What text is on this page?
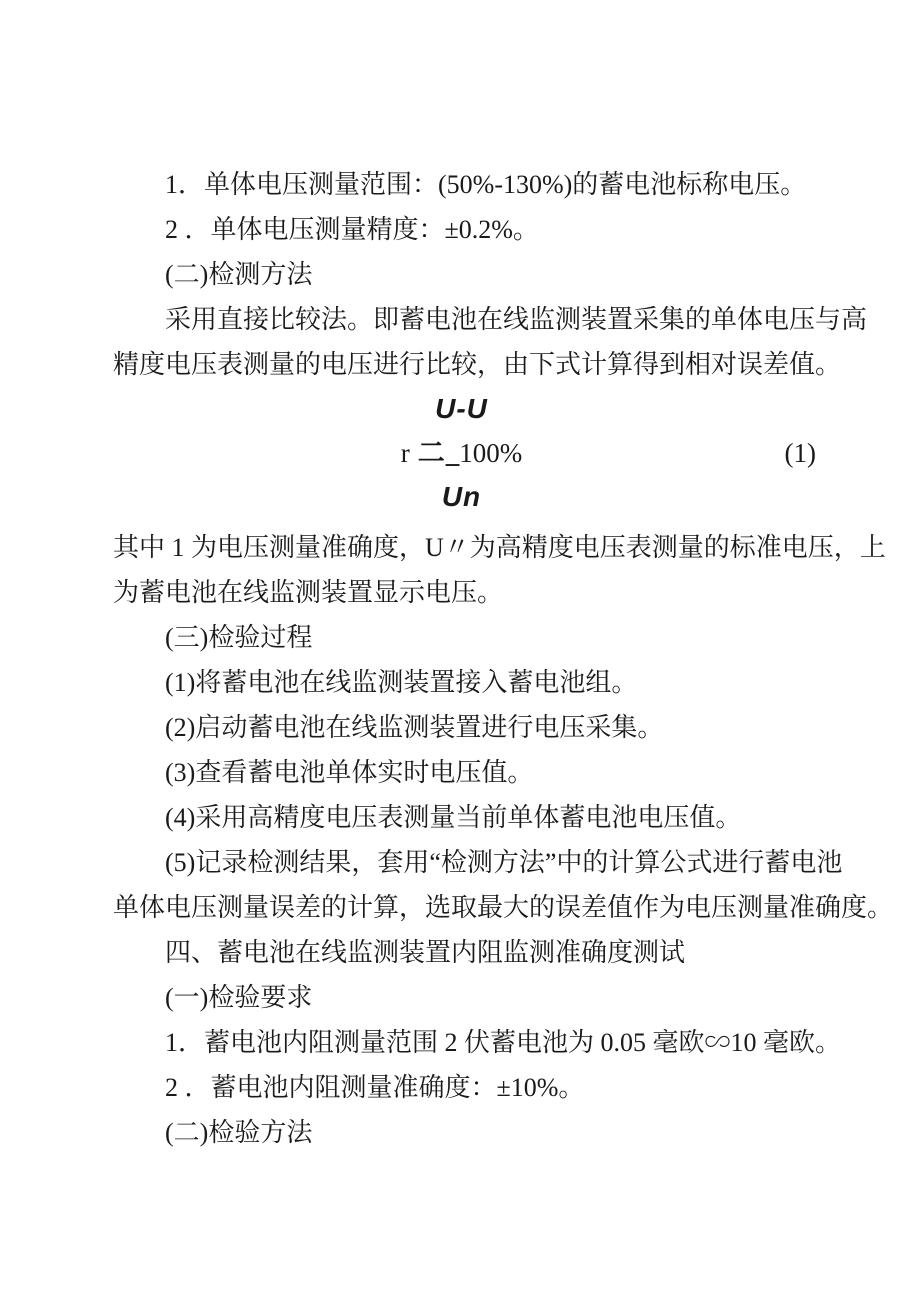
1．单体电压测量范围：(50%-130%)的蓄电池标称电压。
2 ．单体电压测量精度：±0.2%。
(二)检测方法
采用直接比较法。即蓄电池在线监测装置采集的单体电压与高
精度电压表测量的电压进行比较，由下式计算得到相对误差值。
U-U
r 二_100%	(1)
Un
其中 1 为电压测量准确度，U〃为高精度电压表测量的标准电压，上
为蓄电池在线监测装置显示电压。
(三)检验过程
(1)将蓄电池在线监测装置接入蓄电池组。
(2)启动蓄电池在线监测装置进行电压采集。
(3)查看蓄电池单体实时电压值。
(4)采用高精度电压表测量当前单体蓄电池电压值。
(5)记录检测结果，套用“检测方法”中的计算公式进行蓄电池
单体电压测量误差的计算，选取最大的误差值作为电压测量准确度。
四、蓄电池在线监测装置内阻监测准确度测试
(一)检验要求
1．蓄电池内阻测量范围 2 伏蓄电池为 0.05 毫欧∽10 毫欧。
2 ．蓄电池内阻测量准确度：±10%。
(二)检验方法
